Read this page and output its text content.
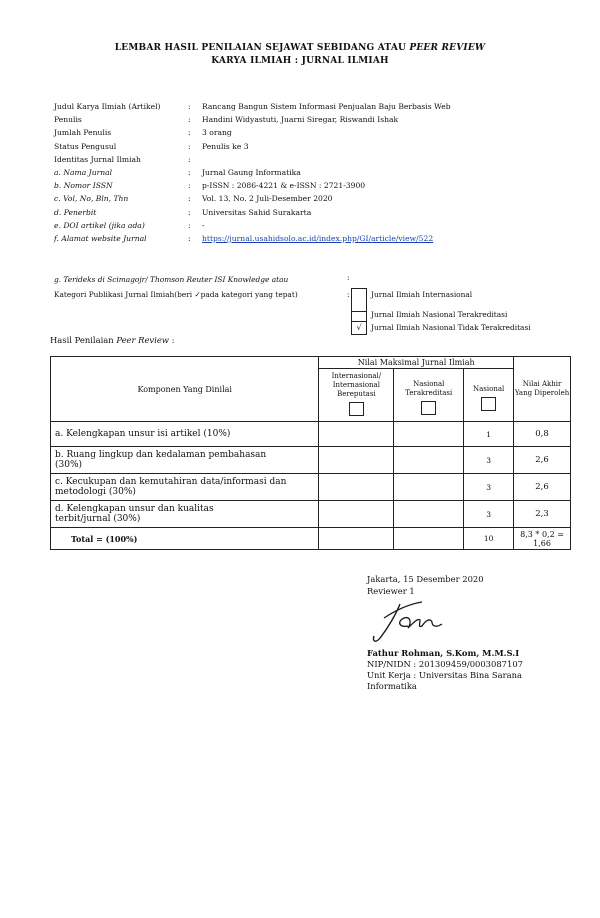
LEMBAR HASIL PENILAIAN SEJAWAT SEBIDANG ATAU PEER REVIEW
KARYA ILMIAH : JURNAL ILMIAH
Judul Karya Ilmiah (Artikel)	: Rancang Bangun Sistem Informasi Penjualan Baju Berbasis Web
Penulis	: Handini Widyastuti, Juarni Siregar, Riswandi Ishak
Jumlah Penulis	: 3 orang
Status Pengusul	: Penulis ke 3
Identitas Jurnal Ilmiah	:
a. Nama Jurnal	: Jurnal Gaung Informatika
b. Nomor ISSN	: p-ISSN : 2086-4221 & e-ISSN : 2721-3900
c. Vol, No, Bln, Thn	: Vol. 13, No. 2 Juli-Desember 2020
d. Penerbit	: Universitas Sahid Surakarta
e. DOI artikel (jika ada)	: -
f. Alamat website Jurnal	: https://jurnal.usahidsolo.ac.id/index.php/GI/article/view/522
g. Terideks di Scimagojr/ Thomson Reuter ISI Knowledge atau	:
Kategori Publikasi Jurnal Ilmiah(beri ✓pada kategori yang tepat)	:	Jurnal Ilmiah Internasional
Jurnal Ilmiah Nasional Terakreditasi
√	Jurnal Ilmiah Nasional Tidak Terakreditasi
Hasil Penilaian Peer Review :
Komponen Yang Dinilai	Nilai Maksimal Jurnal Ilmiah			Nilai Akhir Yang Diperoleh

	Internasional/ Internasional Bereputasi	Nasional Terakreditasi	Nasional	

a. Kelengkapan unsur isi artikel (10%)			1	0,8
b. Ruang lingkup dan kedalaman pembahasan (30%)			3	2,6
c. Kecukupan dan kemutahiran data/informasi dan metodologi (30%)			3	2,6
d. Kelengkapan unsur dan kualitas terbit/jurnal (30%)			3	2,3
Total = (100%)			10	8,3 * 0,2 = 1,66
Jakarta, 15 Desember 2020
Reviewer 1
Fathur Rohman, S.Kom, M.M.S.I
NIP/NIDN : 201309459/0003087107
Unit Kerja : Universitas Bina Sarana Informatika
